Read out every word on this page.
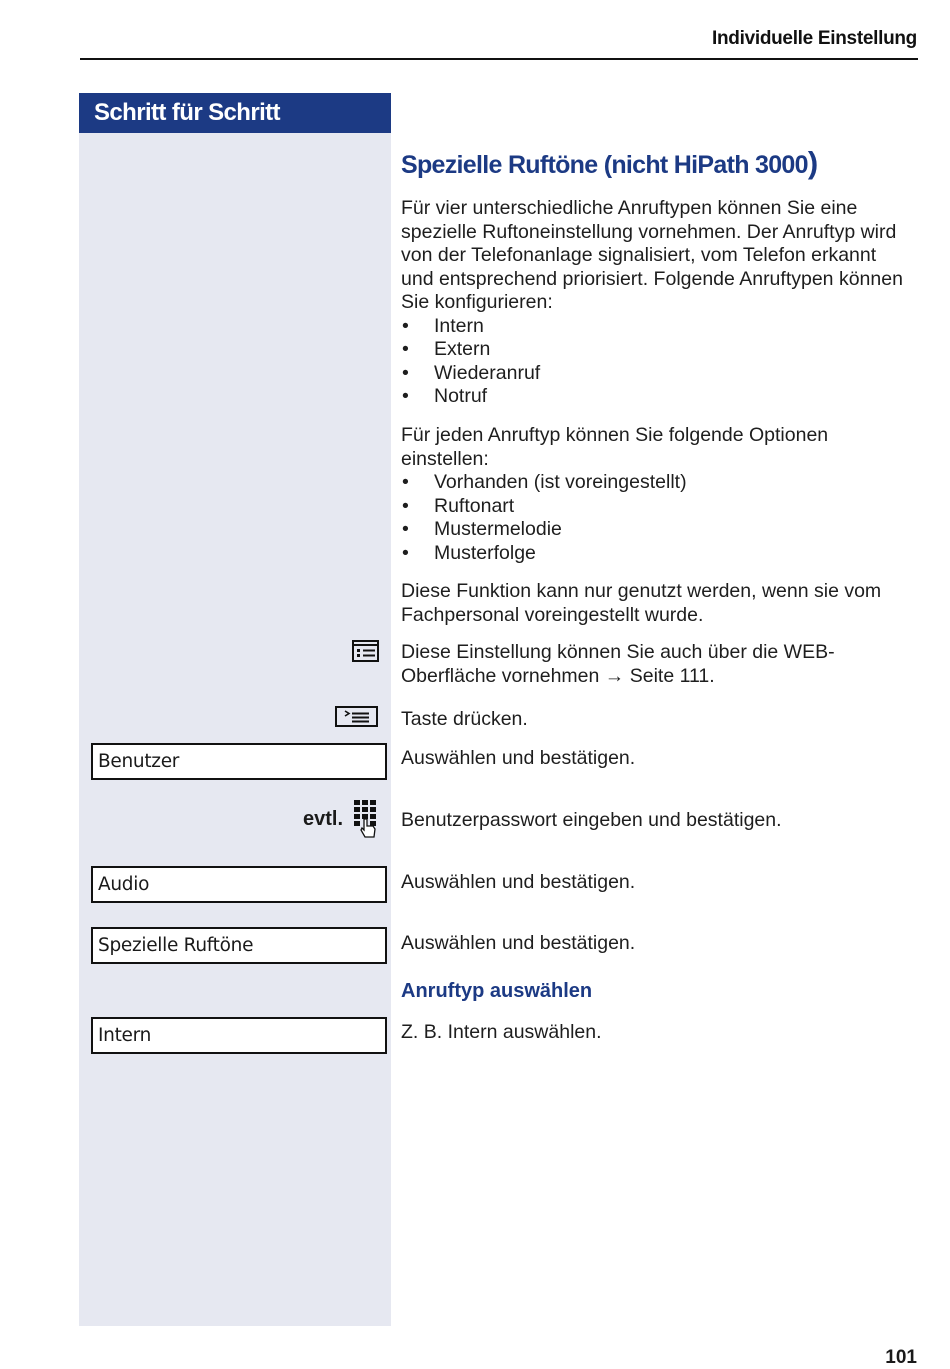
Individuelle Einstellung
Schritt für Schritt
Spezielle Ruftöne (nicht HiPath 3000)

Für vier unterschiedliche Anruftypen können Sie eine spezielle Ruftoneinstellung vornehmen. Der Anruftyp wird von der Telefonanlage signalisiert, vom Telefon erkannt und entsprechend priorisiert. Folgende Anruftypen können Sie konfigurieren:

• Intern
• Extern
• Wiederanruf
• Notruf

Für jeden Anruftyp können Sie folgende Optionen einstellen:

• Vorhanden (ist voreingestellt)
• Ruftonart
• Mustermelodie
• Musterfolge
Diese Funktion kann nur genutzt werden, wenn sie vom Fachpersonal voreingestellt wurde.
Diese Einstellung können Sie auch über die WEB-Oberfläche vornehmen → Seite 111.
Taste drücken.
Benutzer	Auswählen und bestätigen.
evtl.	Benutzerpasswort eingeben und bestätigen.
Audio	Auswählen und bestätigen.
Spezielle Ruftöne	Auswählen und bestätigen.
Anruftyp auswählen
Intern	Z. B. Intern auswählen.
101
